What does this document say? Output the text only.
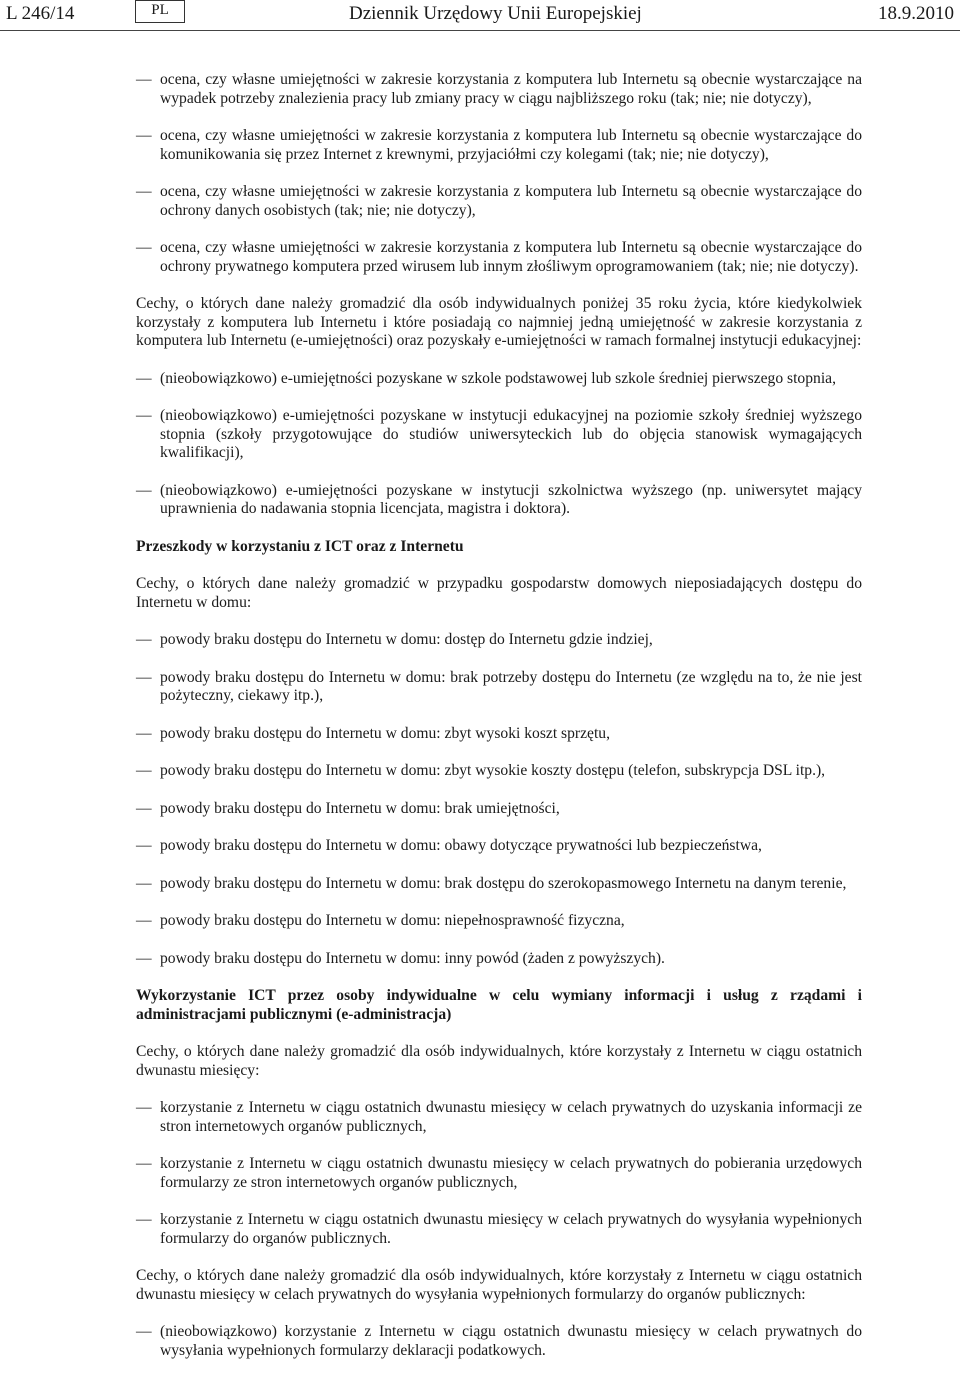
L 246/14	PL	Dziennik Urzędowy Unii Europejskiej	18.9.2010
— ocena, czy własne umiejętności w zakresie korzystania z komputera lub Internetu są obecnie wystarczające na wypadek potrzeby znalezienia pracy lub zmiany pracy w ciągu najbliższego roku (tak; nie; nie dotyczy),
— ocena, czy własne umiejętności w zakresie korzystania z komputera lub Internetu są obecnie wystarczające do komunikowania się przez Internet z krewnymi, przyjaciółmi czy kolegami (tak; nie; nie dotyczy),
— ocena, czy własne umiejętności w zakresie korzystania z komputera lub Internetu są obecnie wystarczające do ochrony danych osobistych (tak; nie; nie dotyczy),
— ocena, czy własne umiejętności w zakresie korzystania z komputera lub Internetu są obecnie wystarczające do ochrony prywatnego komputera przed wirusem lub innym złośliwym oprogramowaniem (tak; nie; nie dotyczy).

Cechy, o których dane należy gromadzić dla osób indywidualnych poniżej 35 roku życia, które kiedykolwiek korzystały z komputera lub Internetu i które posiadają co najmniej jedną umiejętność w zakresie korzystania z komputera lub Internetu (e-umiejętności) oraz pozyskały e-umiejętności w ramach formalnej instytucji edukacyjnej:

— (nieobowiązkowo) e-umiejętności pozyskane w szkole podstawowej lub szkole średniej pierwszego stopnia,
— (nieobowiązkowo) e-umiejętności pozyskane w instytucji edukacyjnej na poziomie szkoły średniej wyższego stopnia (szkoły przygotowujące do studiów uniwersyteckich lub do objęcia stanowisk wymagających kwalifikacji),
— (nieobowiązkowo) e-umiejętności pozyskane w instytucji szkolnictwa wyższego (np. uniwersytet mający uprawnienia do nadawania stopnia licencjata, magistra i doktora).

Przeszkody w korzystaniu z ICT oraz z Internetu

Cechy, o których dane należy gromadzić w przypadku gospodarstw domowych nieposiadających dostępu do Internetu w domu:

— powody braku dostępu do Internetu w domu: dostęp do Internetu gdzie indziej,
— powody braku dostępu do Internetu w domu: brak potrzeby dostępu do Internetu (ze względu na to, że nie jest pożyteczny, ciekawy itp.),
— powody braku dostępu do Internetu w domu: zbyt wysoki koszt sprzętu,
— powody braku dostępu do Internetu w domu: zbyt wysokie koszty dostępu (telefon, subskrypcja DSL itp.),
— powody braku dostępu do Internetu w domu: brak umiejętności,
— powody braku dostępu do Internetu w domu: obawy dotyczące prywatności lub bezpieczeństwa,
— powody braku dostępu do Internetu w domu: brak dostępu do szerokopasmowego Internetu na danym terenie,
— powody braku dostępu do Internetu w domu: niepełnosprawność fizyczna,
— powody braku dostępu do Internetu w domu: inny powód (żaden z powyższych).

Wykorzystanie ICT przez osoby indywidualne w celu wymiany informacji i usług z rządami i administracjami publicznymi (e-administracja)

Cechy, o których dane należy gromadzić dla osób indywidualnych, które korzystały z Internetu w ciągu ostatnich dwunastu miesięcy:

— korzystanie z Internetu w ciągu ostatnich dwunastu miesięcy w celach prywatnych do uzyskania informacji ze stron internetowych organów publicznych,
— korzystanie z Internetu w ciągu ostatnich dwunastu miesięcy w celach prywatnych do pobierania urzędowych formularzy ze stron internetowych organów publicznych,
— korzystanie z Internetu w ciągu ostatnich dwunastu miesięcy w celach prywatnych do wysyłania wypełnionych formularzy do organów publicznych.

Cechy, o których dane należy gromadzić dla osób indywidualnych, które korzystały z Internetu w ciągu ostatnich dwunastu miesięcy w celach prywatnych do wysyłania wypełnionych formularzy do organów publicznych:

— (nieobowiązkowo) korzystanie z Internetu w ciągu ostatnich dwunastu miesięcy w celach prywatnych do wysyłania wypełnionych formularzy deklaracji podatkowych.
